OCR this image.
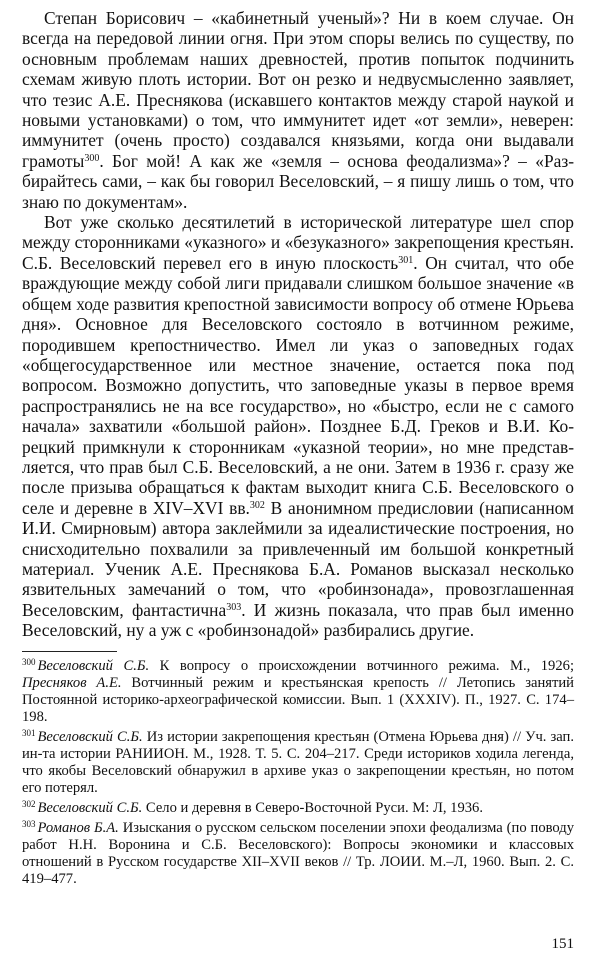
Степан Борисович – «кабинетный ученый»? Ни в коем случае. Он всегда на передовой линии огня. При этом споры велись по существу, по основным проблемам наших древностей, против попыток подчинить схемам живую плоть истории. Вот он резко и недвусмысленно заявляет, что тезис А.Е. Преснякова (искавшего контактов между старой наукой и новыми установками) о том, что иммунитет идет «от земли», неверен: иммунитет (очень просто) создавался князьями, когда они выдавали грамоты$^{300}$. Бог мой! А как же «земля – основа феодализма»? – «Разбирайтесь сами, – как бы говорил Веселовский, – я пишу лишь о том, что знаю по документам».

Вот уже сколько десятилетий в исторической литературе шел спор между сторонниками «указного» и «безуказного» закрепощения крестьян. С.Б. Веселовский перевел его в иную плоскость$^{301}$. Он считал, что обе враждующие между собой лиги придавали слишком большое значение «в общем ходе развития крепостной зависимости вопросу об отмене Юрьева дня». Основное для Веселовского состояло в вотчинном режиме, породившем крепостничество. Имел ли указ о заповедных годах «общегосударственное или местное значение, остается пока под вопросом. Возможно допустить, что заповедные указы в первое время распространялись не на все государство», но «быстро, если не с самого начала» захватили «большой район». Позднее Б.Д. Греков и В.И. Корецкий примкнули к сторонникам «указной теории», но мне представляется, что прав был С.Б. Веселовский, а не они. Затем в 1936 г. сразу же после призыва обращаться к фактам выходит книга С.Б. Веселовского о селе и деревне в XIV–XVI вв.$^{302}$ В анонимном предисловии (написанном И.И. Смирновым) автора заклеймили за идеалистические построения, но снисходительно похвалили за привлеченный им большой конкретный материал. Ученик А.Е. Преснякова Б.А. Романов высказал несколько язвительных замечаний о том, что «робинзонада», провозглашенная Веселовским, фантастична$^{303}$. И жизнь показала, что прав был именно Веселовский, ну а уж с «робинзонадой» разбирались другие.

$^{300}$ Веселовский С.Б. К вопросу о происхождении вотчинного режима. М., 1926; Пресняков А.Е. Вотчинный режим и крестьянская крепость // Летопись занятий Постоянной историко-археографической комиссии. Вып. 1 (XXXIV). П., 1927. С. 174–198.

$^{301}$ Веселовский С.Б. Из истории закрепощения крестьян (Отмена Юрьева дня) // Уч. зап. ин-та истории РАНИИОН. М., 1928. Т. 5. С. 204–217. Среди историков ходила легенда, что якобы Веселовский обнаружил в архиве указ о закрепощении крестьян, но потом его потерял.

$^{302}$ Веселовский С.Б. Село и деревня в Северо-Восточной Руси. М: Л, 1936.

$^{303}$ Романов Б.А. Изыскания о русском сельском поселении эпохи феодализма (по поводу работ Н.Н. Воронина и С.Б. Веселовского): Вопросы экономики и классовых отношений в Русском государстве XII–XVII веков // Тр. ЛОИИ. М.–Л, 1960. Вып. 2. С. 419–477.

151
